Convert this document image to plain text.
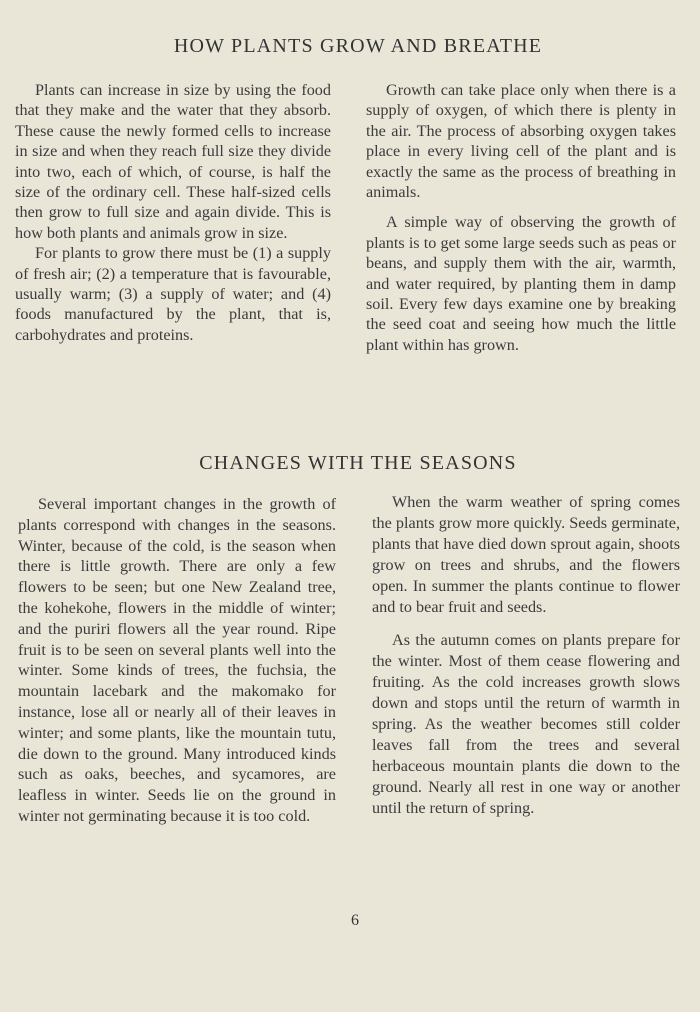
HOW PLANTS GROW AND BREATHE

Plants can increase in size by using the food that they make and the water that they absorb. These cause the newly formed cells to increase in size and when they reach full size they divide into two, each of which, of course, is half the size of the ordinary cell. These half-sized cells then grow to full size and again divide. This is how both plants and animals grow in size.

For plants to grow there must be (1) a supply of fresh air; (2) a temperature that is favourable, usually warm; (3) a supply of water; and (4) foods manufactured by the plant, that is, carbohydrates and proteins.

Growth can take place only when there is a supply of oxygen, of which there is plenty in the air. The process of absorbing oxygen takes place in every living cell of the plant and is exactly the same as the process of breathing in animals.

A simple way of observing the growth of plants is to get some large seeds such as peas or beans, and supply them with the air, warmth, and water required, by planting them in damp soil. Every few days examine one by breaking the seed coat and seeing how much the little plant within has grown.

CHANGES WITH THE SEASONS

Several important changes in the growth of plants correspond with changes in the seasons. Winter, because of the cold, is the season when there is little growth. There are only a few flowers to be seen; but one New Zealand tree, the kohekohe, flowers in the middle of winter; and the puriri flowers all the year round. Ripe fruit is to be seen on several plants well into the winter. Some kinds of trees, the fuchsia, the mountain lacebark and the makomako for instance, lose all or nearly all of their leaves in winter; and some plants, like the mountain tutu, die down to the ground. Many introduced kinds such as oaks, beeches, and sycamores, are leafless in winter. Seeds lie on the ground in winter not germinating because it is too cold.

When the warm weather of spring comes the plants grow more quickly. Seeds germinate, plants that have died down sprout again, shoots grow on trees and shrubs, and the flowers open. In summer the plants continue to flower and to bear fruit and seeds.

As the autumn comes on plants prepare for the winter. Most of them cease flowering and fruiting. As the cold increases growth slows down and stops until the return of warmth in spring. As the weather becomes still colder leaves fall from the trees and several herbaceous mountain plants die down to the ground. Nearly all rest in one way or another until the return of spring.

6
